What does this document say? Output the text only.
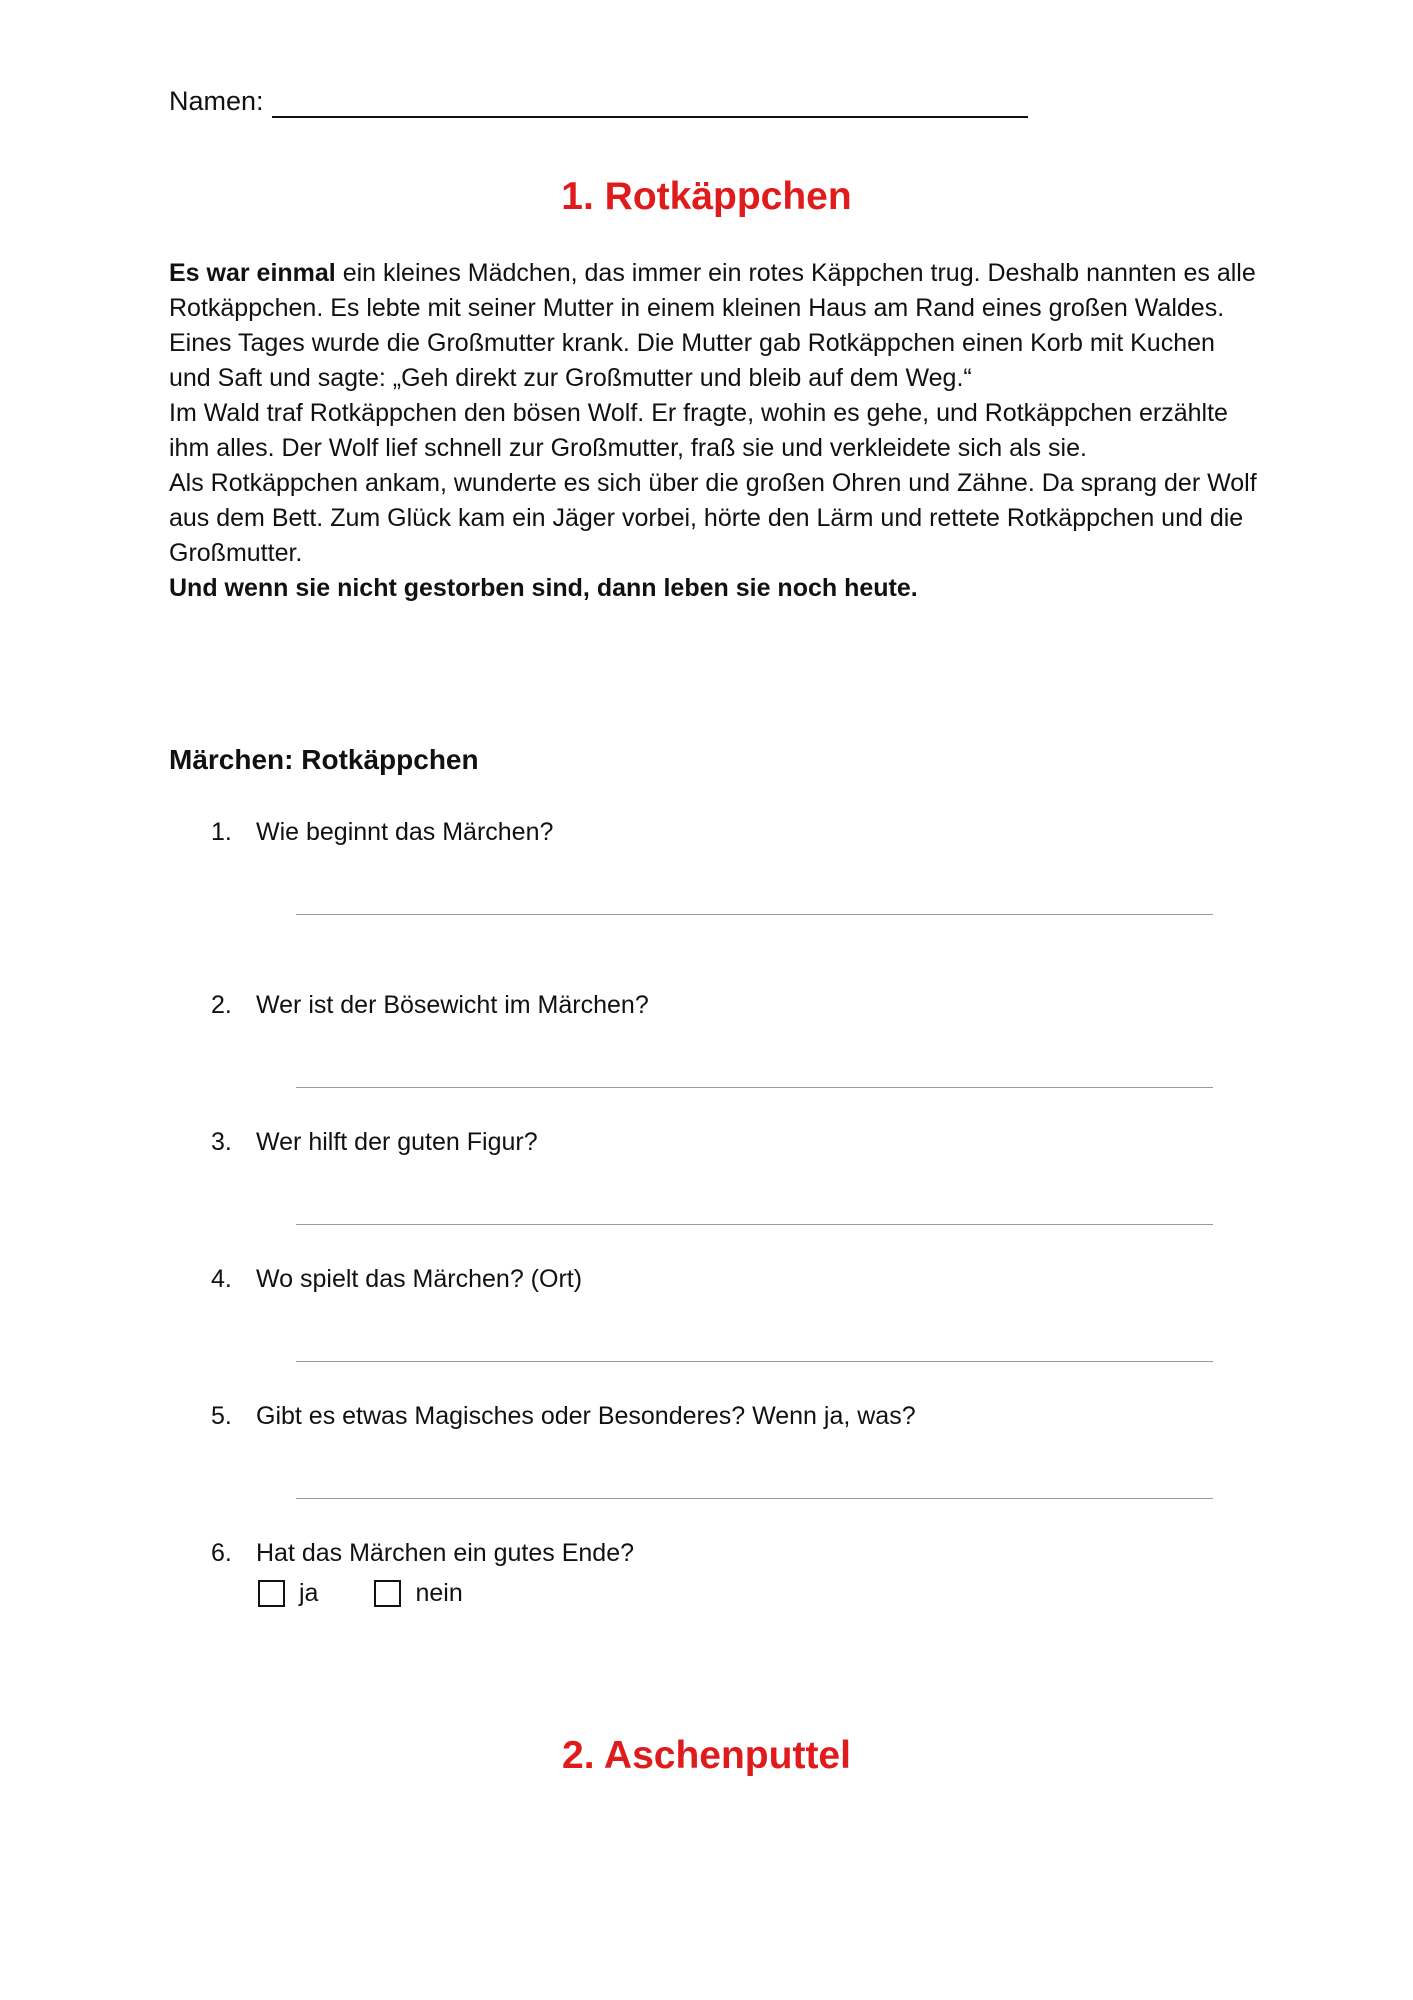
Namen:
1. Rotkäppchen

Es war einmal ein kleines Mädchen, das immer ein rotes Käppchen trug. Deshalb nannten es alle Rotkäppchen. Es lebte mit seiner Mutter in einem kleinen Haus am Rand eines großen Waldes.

Eines Tages wurde die Großmutter krank. Die Mutter gab Rotkäppchen einen Korb mit Kuchen und Saft und sagte: „Geh direkt zur Großmutter und bleib auf dem Weg.“

Im Wald traf Rotkäppchen den bösen Wolf. Er fragte, wohin es gehe, und Rotkäppchen erzählte ihm alles. Der Wolf lief schnell zur Großmutter, fraß sie und verkleidete sich als sie.

Als Rotkäppchen ankam, wunderte es sich über die großen Ohren und Zähne. Da sprang der Wolf aus dem Bett. Zum Glück kam ein Jäger vorbei, hörte den Lärm und rettete Rotkäppchen und die Großmutter.

Und wenn sie nicht gestorben sind, dann leben sie noch heute.

Märchen: Rotkäppchen
1. Wie beginnt das Märchen?
2. Wer ist der Bösewicht im Märchen?
3. Wer hilft der guten Figur?
4. Wo spielt das Märchen? (Ort)
5. Gibt es etwas Magisches oder Besonderes? Wenn ja, was?
6. Hat das Märchen ein gutes Ende?
ja	nein
2. Aschenputtel
